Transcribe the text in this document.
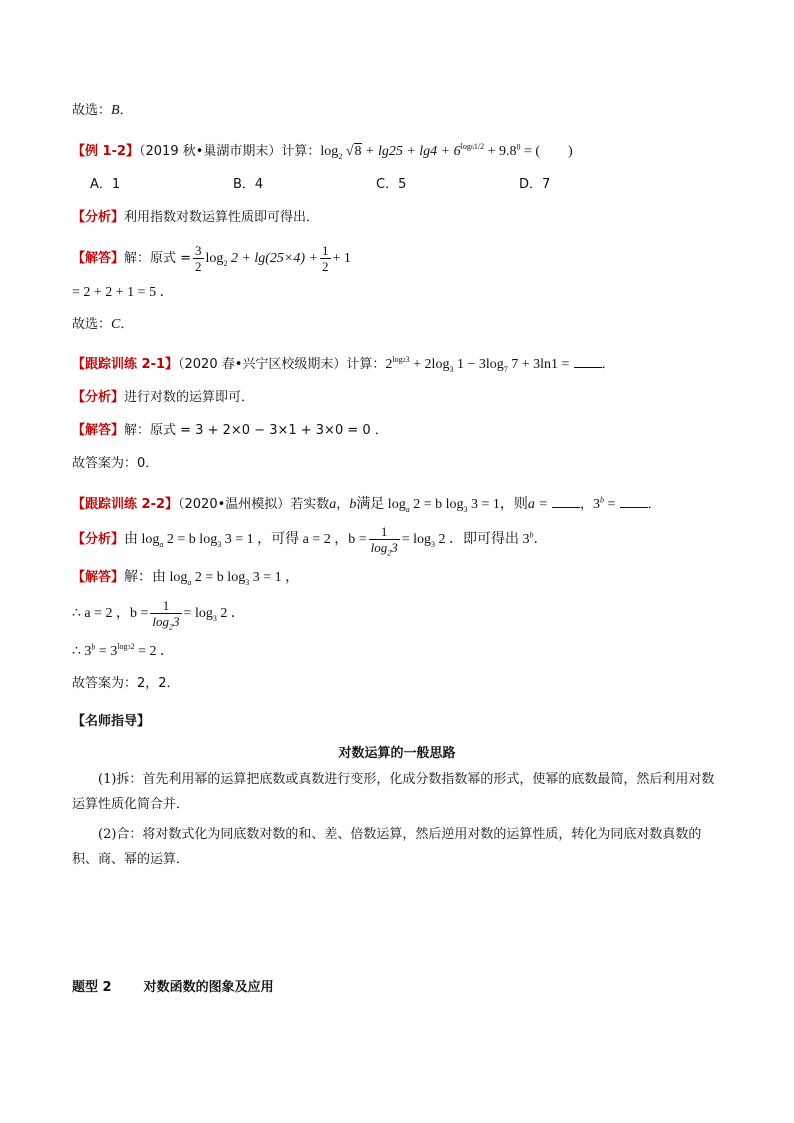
故选：B．
【例 1-2】（2019 秋•巢湖市期末）计算：$\log_2 √8 + \lg 25 + \lg 4 + 6^{log61/2} + 9.8^0$ = (　　)
A．1	B．4	C．5	D．7
【分析】利用指数对数运算性质即可得出．
【解答】解：原式 = $\frac{3}{2} \log_2 2 + \lg(25\times 4) + \frac{1}{2} + 1$
= 2 + 2 + 1 = 5 ．
故选：C．
【跟踪训练 2-1】（2020 春•兴宁区校级期末）计算：$2^{log23} + 2\log_3$ $1 - 3\log_7$ 7 + 3ln1 = ．
【分析】进行对数的运算即可．
【解答】解：原式 = 3 + 2×0 − 3×1 + 3×0 = 0 ．
故答案为：0．
【跟踪训练 2-2】（2020•温州模拟）若实数a，b满足 $\log_a 2 = b$ $\log_3 3 = 1$，则a = ，$3^b$ = ．
【分析】由 $\log_a 2 = b$ $\log_3 3 = 1$ ，可得 a = 2 ，$b = \frac{1}{\log_23} = \log_3 2$ ．即可得出 3$^b$．
【解答】解：由 $\log_a 2 = b$ $\log_3 3 = 1$ ，
∴ a = 2 ，$b = \frac{1}{\log_23} = \log_3 2$ ．
∴ $3^b = 3^{log32} = 2$ ．
故答案为：2，2．
【名师指导】
对数运算的一般思路
(1)拆：首先利用幂的运算把底数或真数进行变形，化成分数指数幂的形式，使幂的底数最简，然后利用对数运算性质化简合并．
(2)合：将对数式化为同底数对数的和、差、倍数运算，然后逆用对数的运算性质，转化为同底对数真数的积、商、幂的运算．
题型 2 对数函数的图象及应用
